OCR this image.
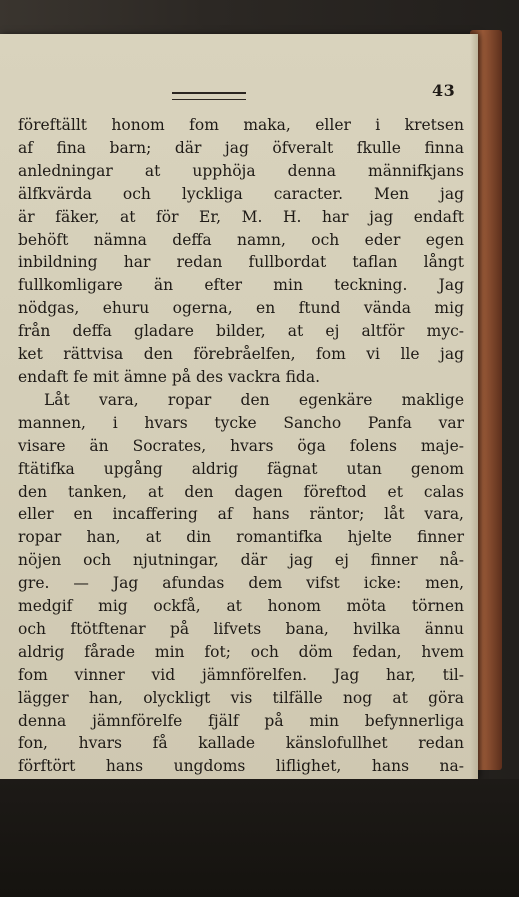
43
föreftällt honom fom maka, eller i kretsen
af fina barn; där jag öfveralt fkulle finna
anledningar at upphöja denna männifkjans
älfkvärda och lyckliga caracter. Men jag
är fäker, at för Er, M. H. har jag endaft
behöft nämna deffa namn, och eder egen
inbildning har redan fullbordat taflan långt
fullkomligare än efter min teckning. Jag
nödgas, ehuru ogerna, en ftund vända mig
från deffa gladare bilder, at ej altför myc-
ket rättvisa den förebråelfen, fom vi lle jag
endaft fe mit ämne på des vackra fida.
Låt vara, ropar den egenkäre maklige
mannen, i hvars tycke Sancho Panfa var
visare än Socrates, hvars öga folens maje-
ftätifka upgång aldrig fägnat utan genom
den tanken, at den dagen föreftod et calas
eller en incaffering af hans räntor; låt vara,
ropar han, at din romantifka hjelte finner
nöjen och njutningar, där jag ej finner nå-
gre. — Jag afundas dem vifst icke: men,
medgif mig ockfå, at honom möta törnen
och ftötftenar på lifvets bana, hvilka ännu
aldrig fårade min fot; och döm fedan, hvem
fom vinner vid jämnförelfen. Jag har, til-
lägger han, olyckligt vis tilfälle nog at göra
denna jämnförelfe fjälf på min befynnerliga
fon, hvars få kallade känslofullhet redan
förftört hans ungdoms liflighet, hans na-
